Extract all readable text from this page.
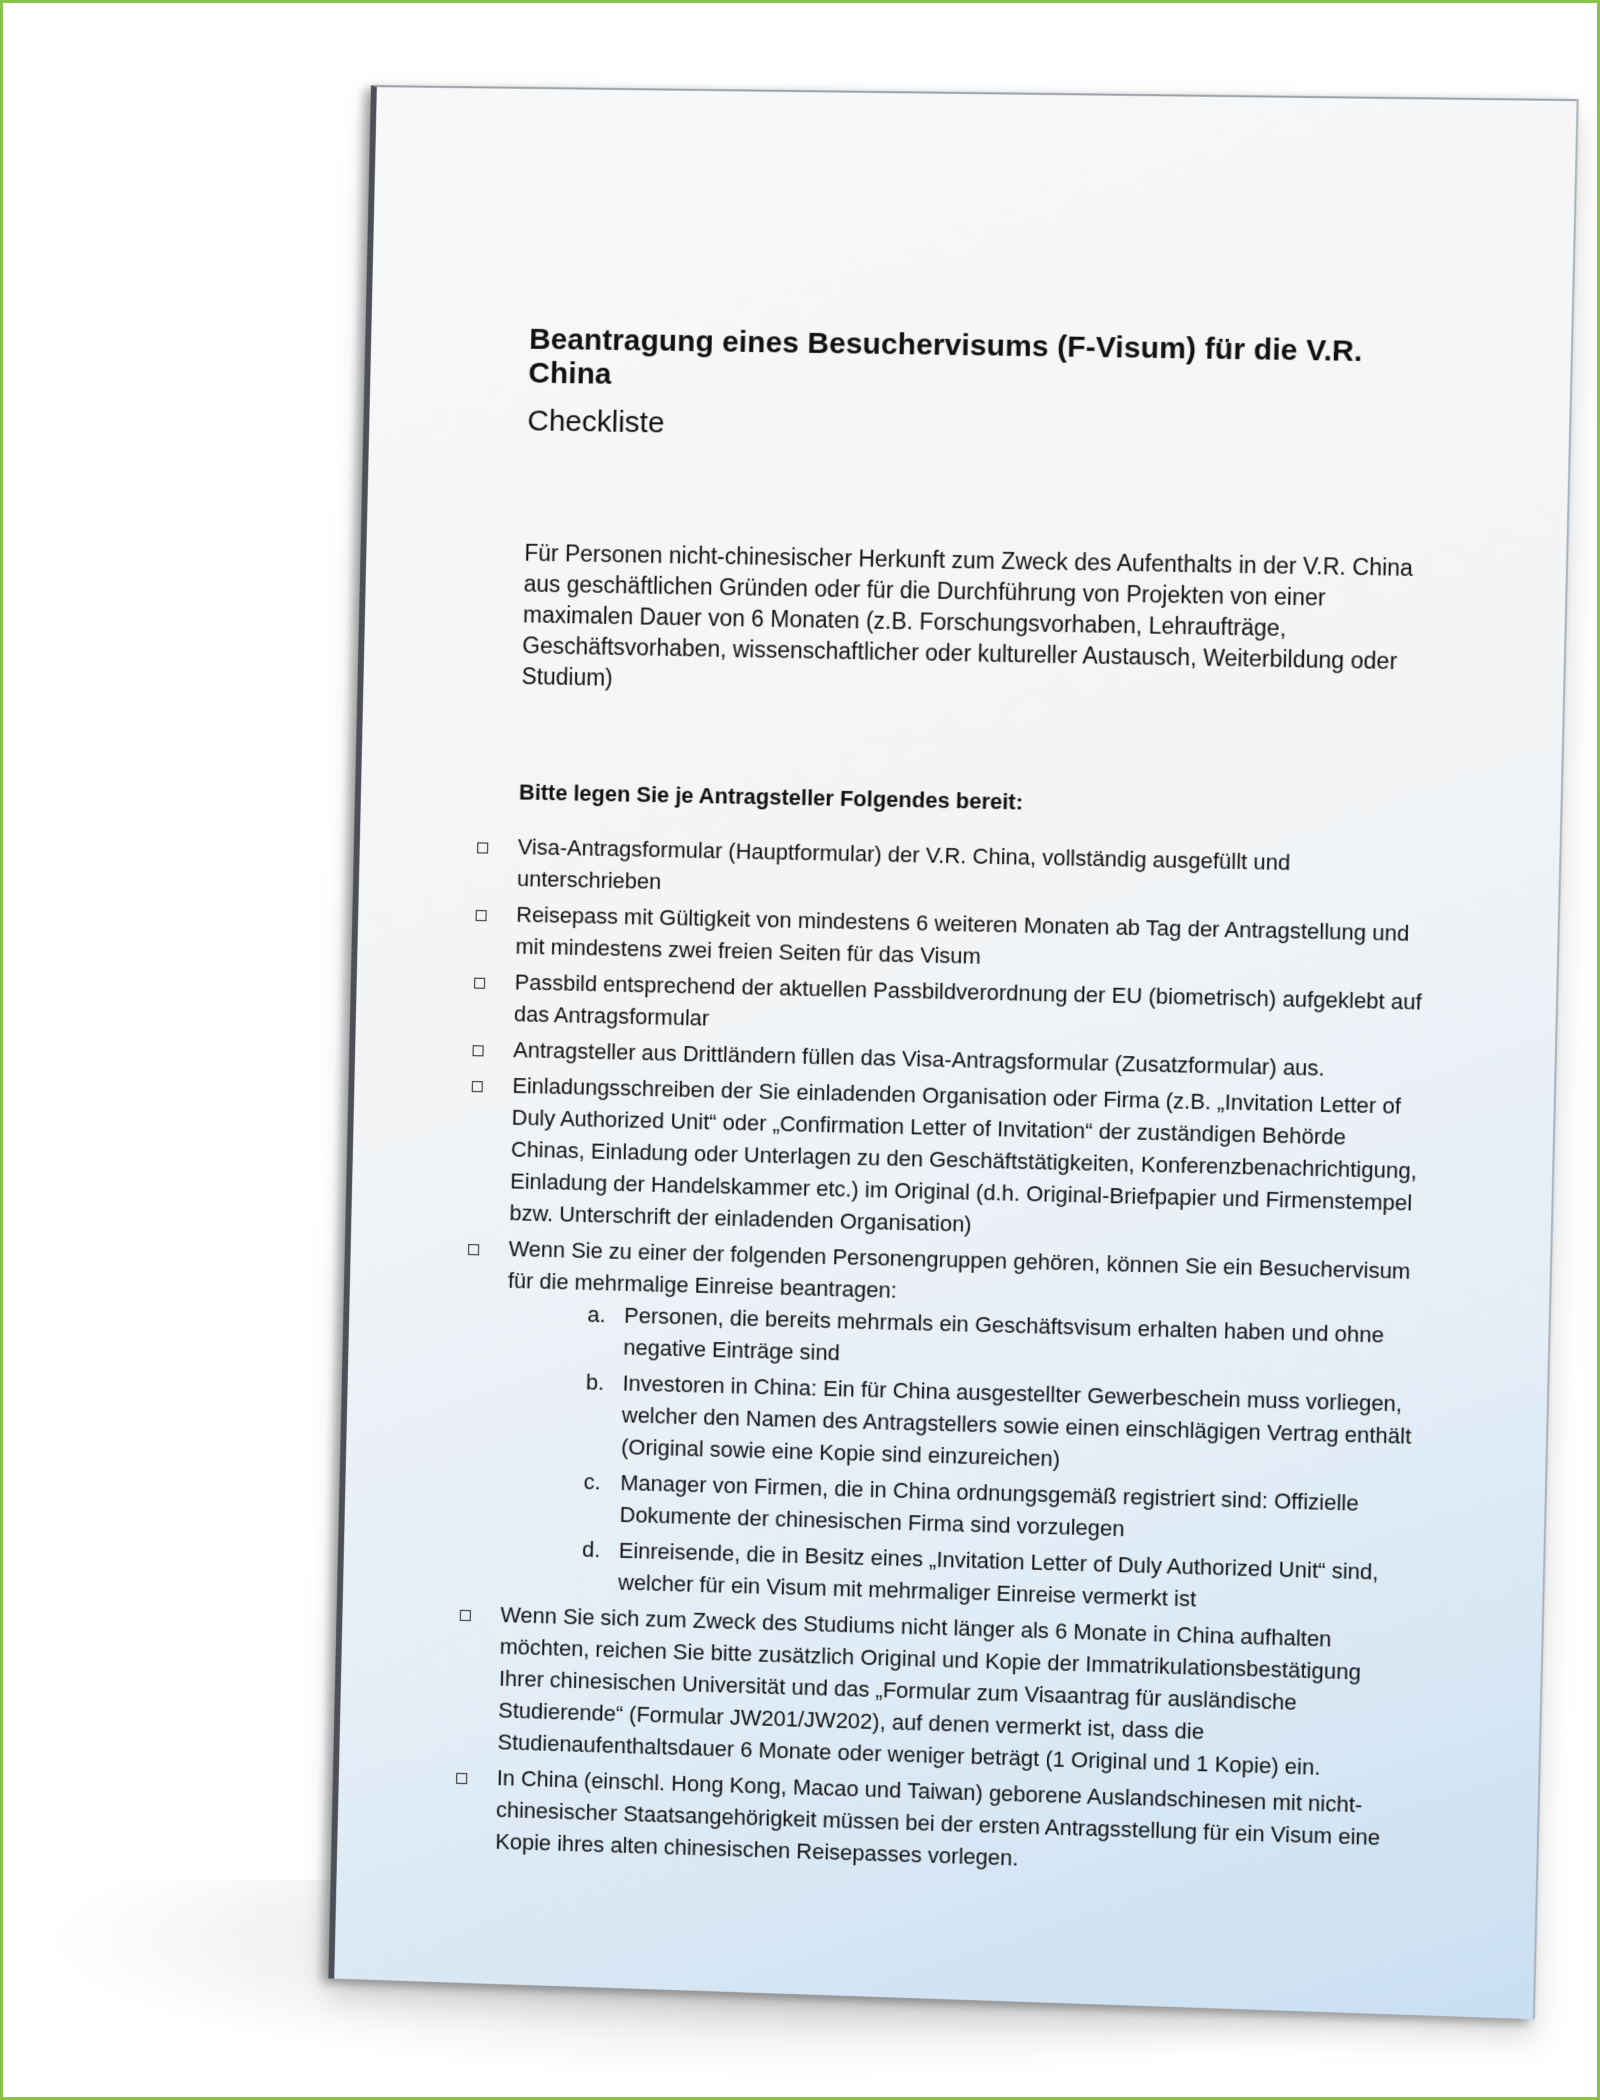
Beantragung eines Besuchervisums (F-Visum) für die V.R. China
Checkliste
Für Personen nicht-chinesischer Herkunft zum Zweck des Aufenthalts in der V.R. China aus geschäftlichen Gründen oder für die Durchführung von Projekten von einer maximalen Dauer von 6 Monaten (z.B. Forschungsvorhaben, Lehraufträge, Geschäftsvorhaben, wissenschaftlicher oder kultureller Austausch, Weiterbildung oder Studium)
Bitte legen Sie je Antragsteller Folgendes bereit:
Visa-Antragsformular (Hauptformular) der V.R. China, vollständig ausgefüllt und unterschrieben
Reisepass mit Gültigkeit von mindestens 6 weiteren Monaten ab Tag der Antragstellung und mit mindestens zwei freien Seiten für das Visum
Passbild entsprechend der aktuellen Passbildverordnung der EU (biometrisch) aufgeklebt auf das Antragsformular
Antragsteller aus Drittländern füllen das Visa-Antragsformular (Zusatzformular) aus.
Einladungsschreiben der Sie einladenden Organisation oder Firma (z.B. „Invitation Letter of Duly Authorized Unit“ oder „Confirmation Letter of Invitation“ der zuständigen Behörde Chinas, Einladung oder Unterlagen zu den Geschäftstätigkeiten, Konferenzbenachrichtigung, Einladung der Handelskammer etc.) im Original (d.h. Original-Briefpapier und Firmenstempel bzw. Unterschrift der einladenden Organisation)
Wenn Sie zu einer der folgenden Personengruppen gehören, können Sie ein Besuchervisum für die mehrmalige Einreise beantragen:
a. Personen, die bereits mehrmals ein Geschäftsvisum erhalten haben und ohne negative Einträge sind
b. Investoren in China: Ein für China ausgestellter Gewerbeschein muss vorliegen, welcher den Namen des Antragstellers sowie einen einschlägigen Vertrag enthält (Original sowie eine Kopie sind einzureichen)
c. Manager von Firmen, die in China ordnungsgemäß registriert sind: Offizielle Dokumente der chinesischen Firma sind vorzulegen
d. Einreisende, die in Besitz eines „Invitation Letter of Duly Authorized Unit“ sind, welcher für ein Visum mit mehrmaliger Einreise vermerkt ist
Wenn Sie sich zum Zweck des Studiums nicht länger als 6 Monate in China aufhalten möchten, reichen Sie bitte zusätzlich Original und Kopie der Immatrikulationsbestätigung Ihrer chinesischen Universität und das „Formular zum Visaantrag für ausländische Studierende“ (Formular JW201/JW202), auf denen vermerkt ist, dass die Studienaufenthaltsdauer 6 Monate oder weniger beträgt (1 Original und 1 Kopie) ein.
In China (einschl. Hong Kong, Macao und Taiwan) geborene Auslandschinesen mit nicht-chinesischer Staatsangehörigkeit müssen bei der ersten Antragsstellung für ein Visum eine Kopie ihres alten chinesischen Reisepasses vorlegen.
